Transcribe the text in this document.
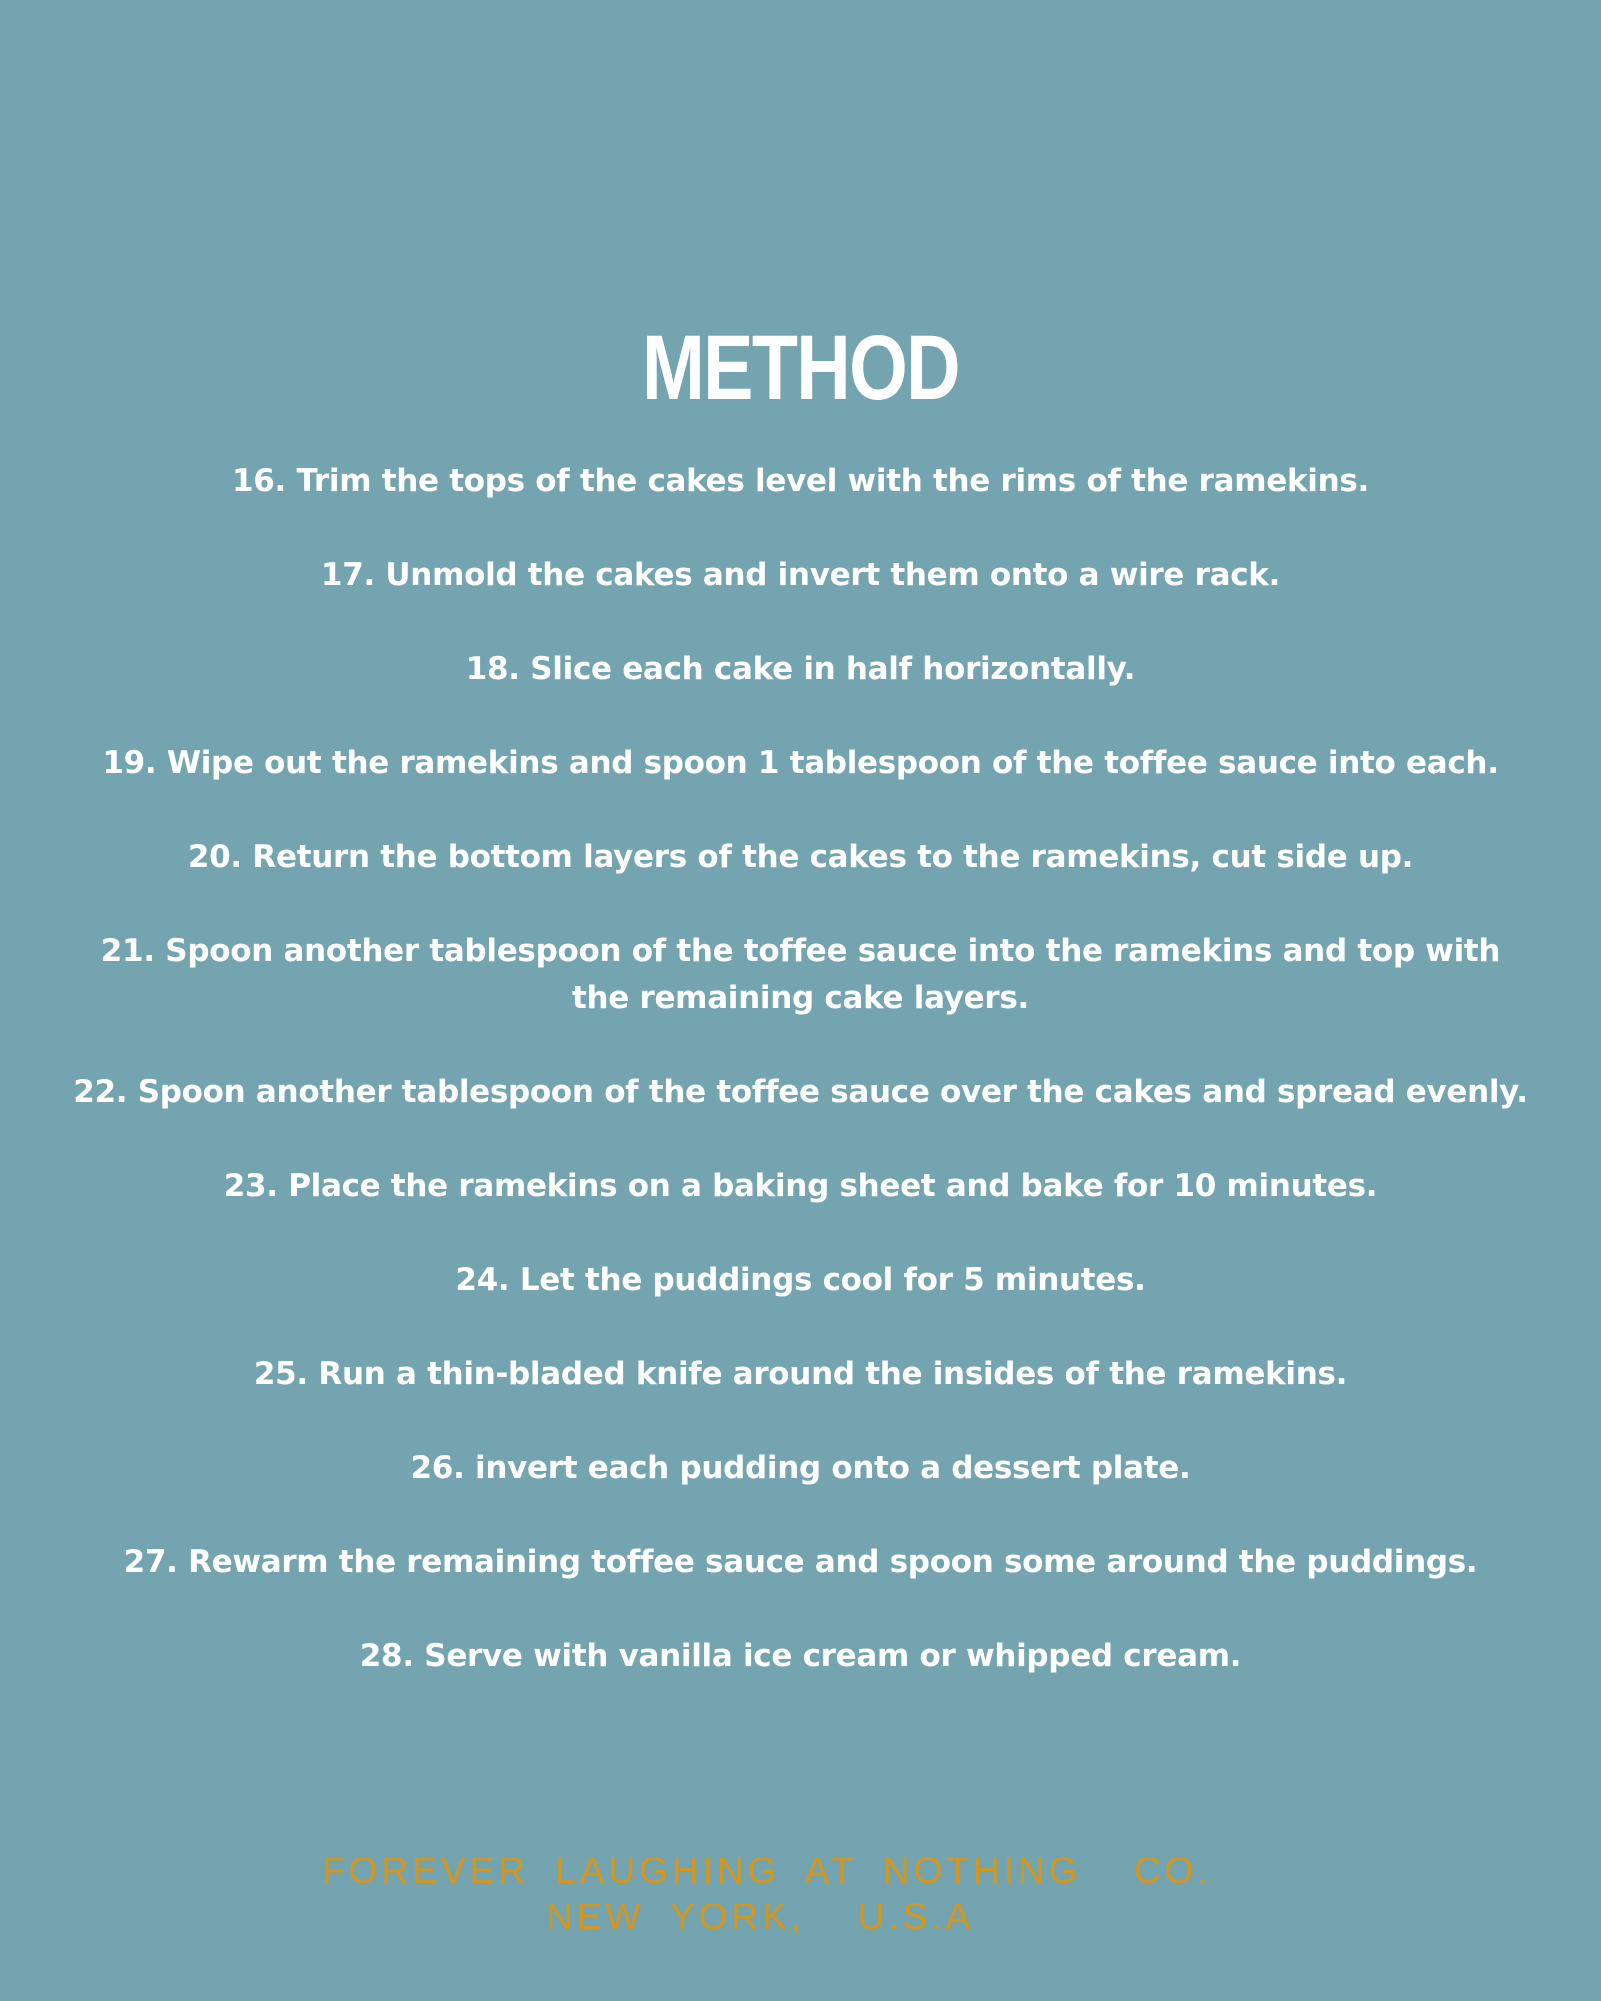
METHOD
16. Trim the tops of the cakes level with the rims of the ramekins.
17. Unmold the cakes and invert them onto a wire rack.
18. Slice each cake in half horizontally.
19. Wipe out the ramekins and spoon 1 tablespoon of the toffee sauce into each.
20. Return the bottom layers of the cakes to the ramekins, cut side up.
21. Spoon another tablespoon of the toffee sauce into the ramekins and top with the remaining cake layers.
22. Spoon another tablespoon of the toffee sauce over the cakes and spread evenly.
23. Place the ramekins on a baking sheet and bake for 10 minutes.
24. Let the puddings cool for 5 minutes.
25. Run a thin-bladed knife around the insides of the ramekins.
26. invert each pudding onto a dessert plate.
27. Rewarm the remaining toffee sauce and spoon some around the puddings.
28. Serve with vanilla ice cream or whipped cream.
FOREVER LAUGHING AT NOTHING  CO.
NEW YORK,  U.S.A
